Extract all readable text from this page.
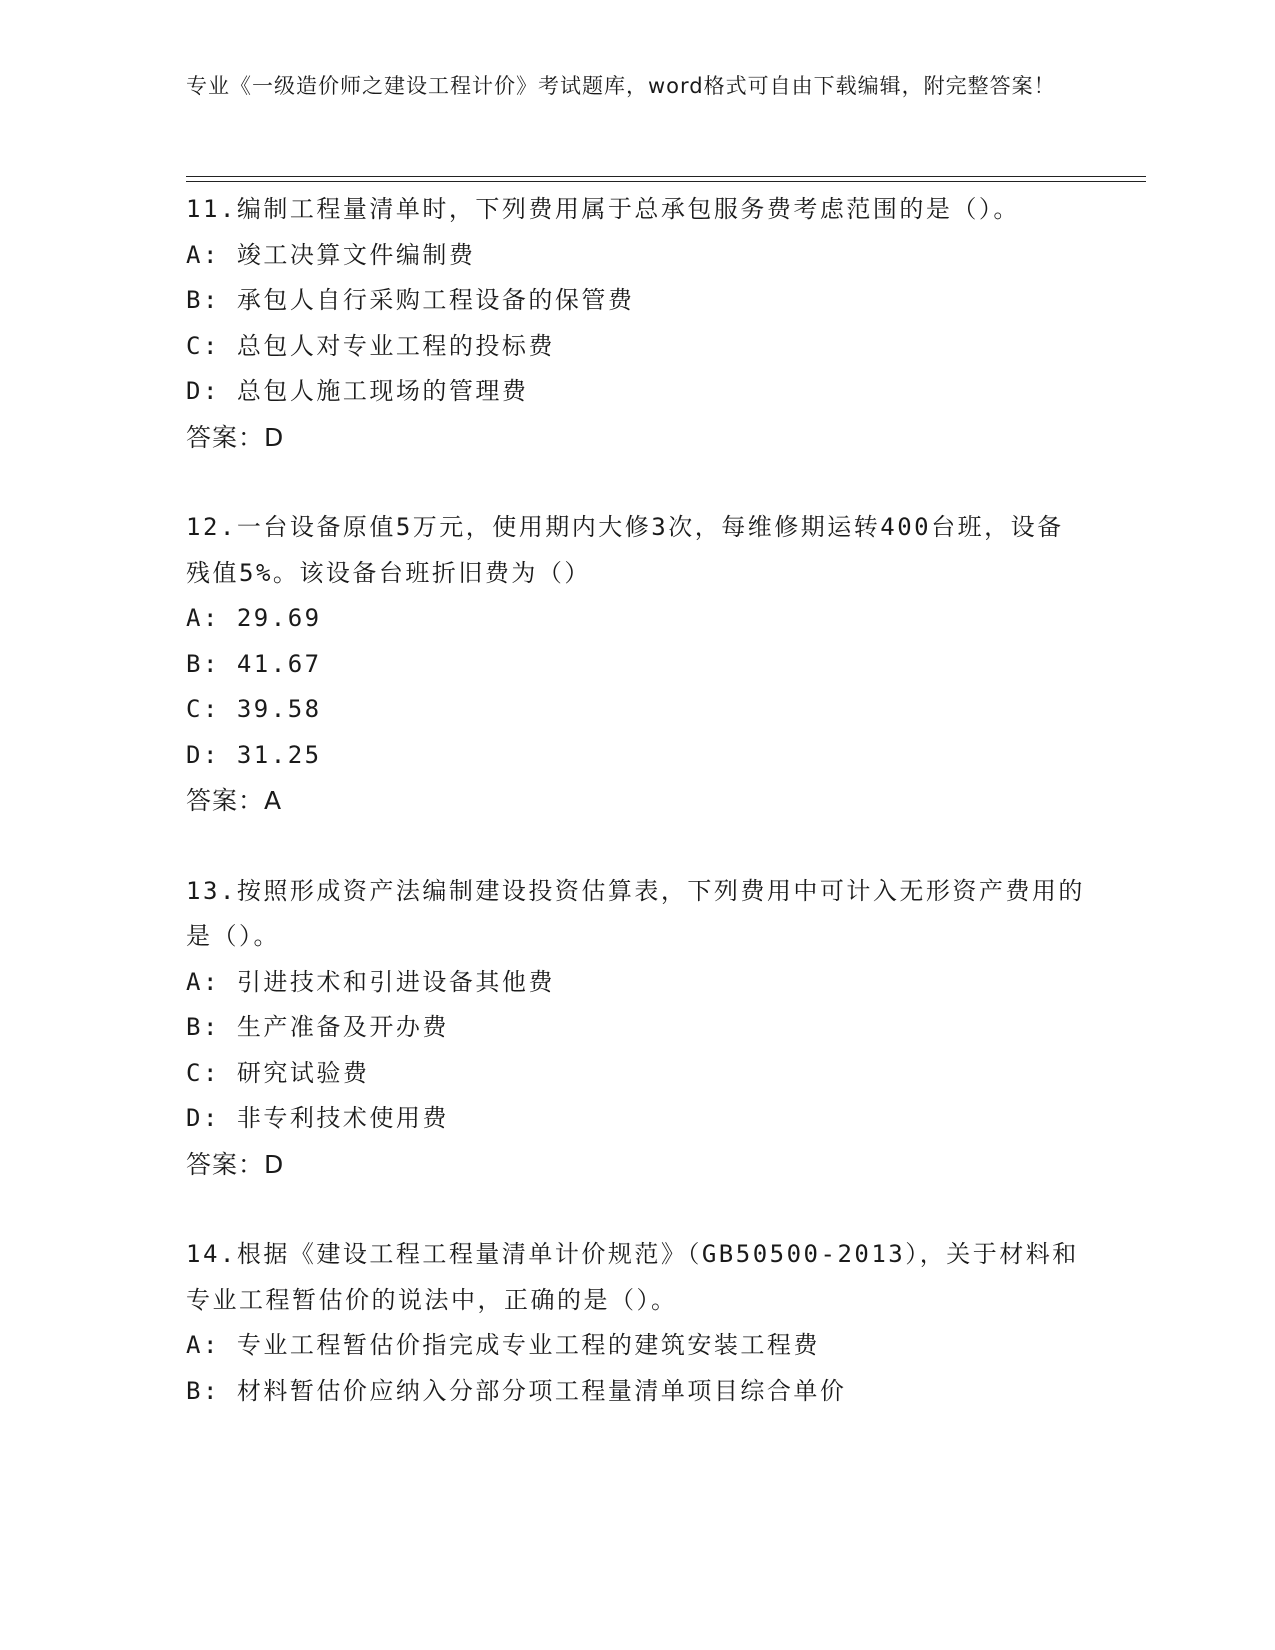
专业《一级造价师之建设工程计价》考试题库，word格式可自由下载编辑，附完整答案！
11.编制工程量清单时，下列费用属于总承包服务费考虑范围的是（）。
A: 竣工决算文件编制费
B: 承包人自行采购工程设备的保管费
C: 总包人对专业工程的投标费
D: 总包人施工现场的管理费
答案：D
12.一台设备原值5万元，使用期内大修3次，每维修期运转400台班，设备残值5%。该设备台班折旧费为（）
A: 29.69
B: 41.67
C: 39.58
D: 31.25
答案：A
13.按照形成资产法编制建设投资估算表，下列费用中可计入无形资产费用的是（）。
A: 引进技术和引进设备其他费
B: 生产准备及开办费
C: 研究试验费
D: 非专利技术使用费
答案：D
14.根据《建设工程工程量清单计价规范》（GB50500-2013），关于材料和专业工程暂估价的说法中，正确的是（）。
A: 专业工程暂估价指完成专业工程的建筑安装工程费
B: 材料暂估价应纳入分部分项工程量清单项目综合单价
